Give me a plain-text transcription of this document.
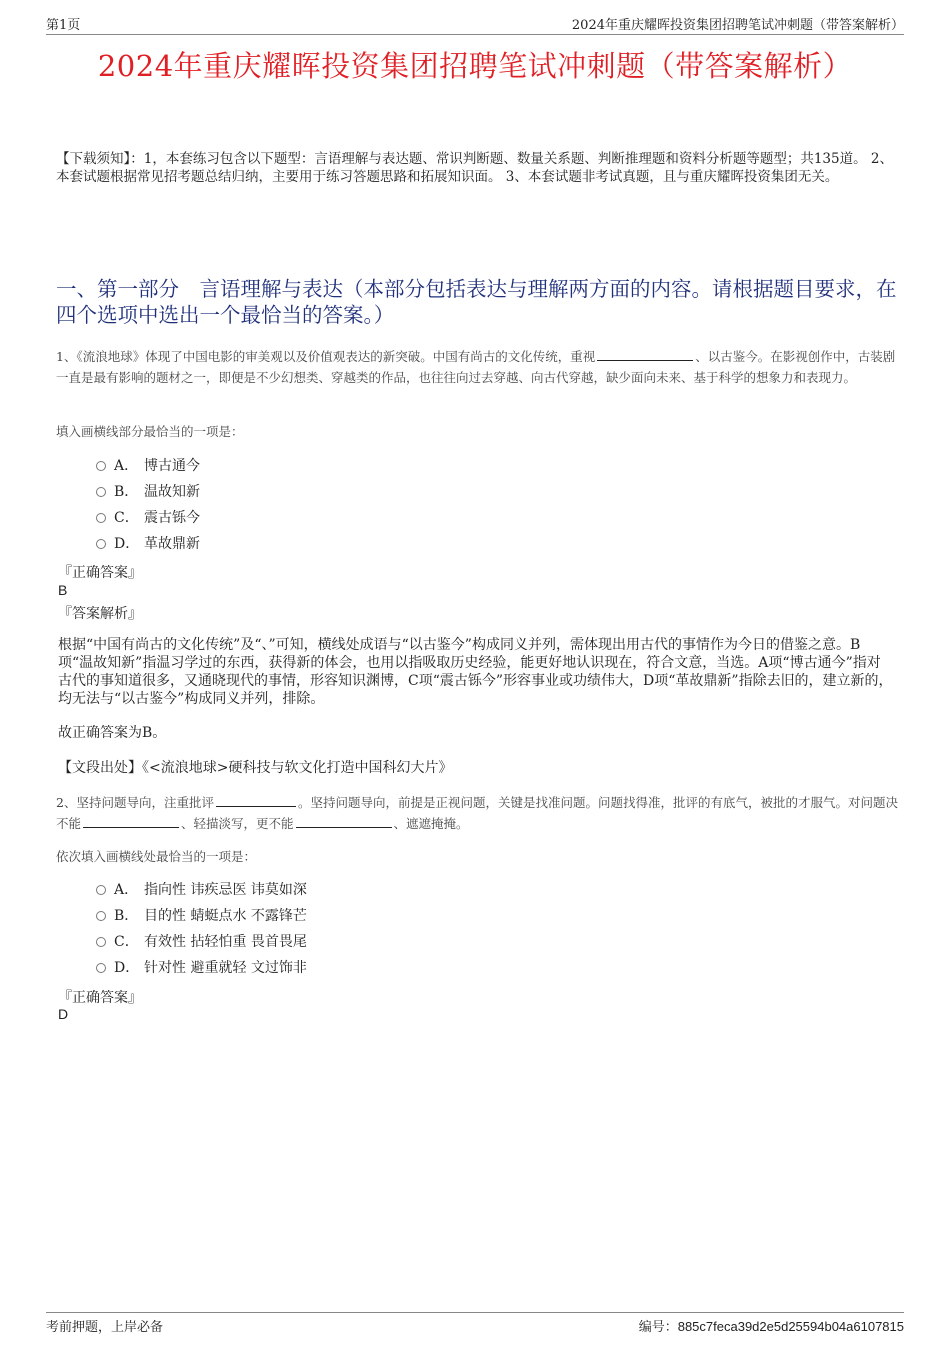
第1页	2024年重庆耀晖投资集团招聘笔试冲刺题（带答案解析）
2024年重庆耀晖投资集团招聘笔试冲刺题（带答案解析）
【下载须知】：1，本套练习包含以下题型：言语理解与表达题、常识判断题、数量关系题、判断推理题和资料分析题等题型；共135道。 2、本套试题根据常见招考题总结归纳，主要用于练习答题思路和拓展知识面。 3、本套试题非考试真题，且与重庆耀晖投资集团无关。
一、第一部分　言语理解与表达（本部分包括表达与理解两方面的内容。请根据题目要求，在四个选项中选出一个最恰当的答案。）
1、《流浪地球》体现了中国电影的审美观以及价值观表达的新突破。中国有尚古的文化传统，重视	、以古鉴今。在影视创作中，古装剧一直是最有影响的题材之一，即便是不少幻想类、穿越类的作品，也往往向过去穿越、向古代穿越，缺少面向未来、基于科学的想象力和表现力。
填入画横线部分最恰当的一项是：
A． 博古通今
B． 温故知新
C． 震古铄今
D． 革故鼎新
『正确答案』
B
『答案解析』
根据“中国有尚古的文化传统”及“、”可知，横线处成语与“以古鉴今”构成同义并列，需体现出用古代的事情作为今日的借鉴之意。B项“温故知新”指温习学过的东西，获得新的体会，也用以指吸取历史经验，能更好地认识现在，符合文意，当选。A项“博古通今”指对古代的事知道很多，又通晓现代的事情，形容知识渊博，C项“震古铄今”形容事业或功绩伟大，D项“革故鼎新”指除去旧的，建立新的，均无法与“以古鉴今”构成同义并列，排除。
故正确答案为B。
【文段出处】《<流浪地球>硬科技与软文化打造中国科幻大片》
2、坚持问题导向，注重批评	。坚持问题导向，前提是正视问题，关键是找准问题。问题找得准，批评的有底气，被批的才服气。对问题决不能	、轻描淡写，更不能	、遮遮掩掩。
依次填入画横线处最恰当的一项是：
A． 指向性 讳疾忌医 讳莫如深
B． 目的性 蜻蜓点水 不露锋芒
C． 有效性 拈轻怕重 畏首畏尾
D． 针对性 避重就轻 文过饰非
『正确答案』
D
考前押题，上岸必备	编号：885c7feca39d2e5d25594b04a6107815
